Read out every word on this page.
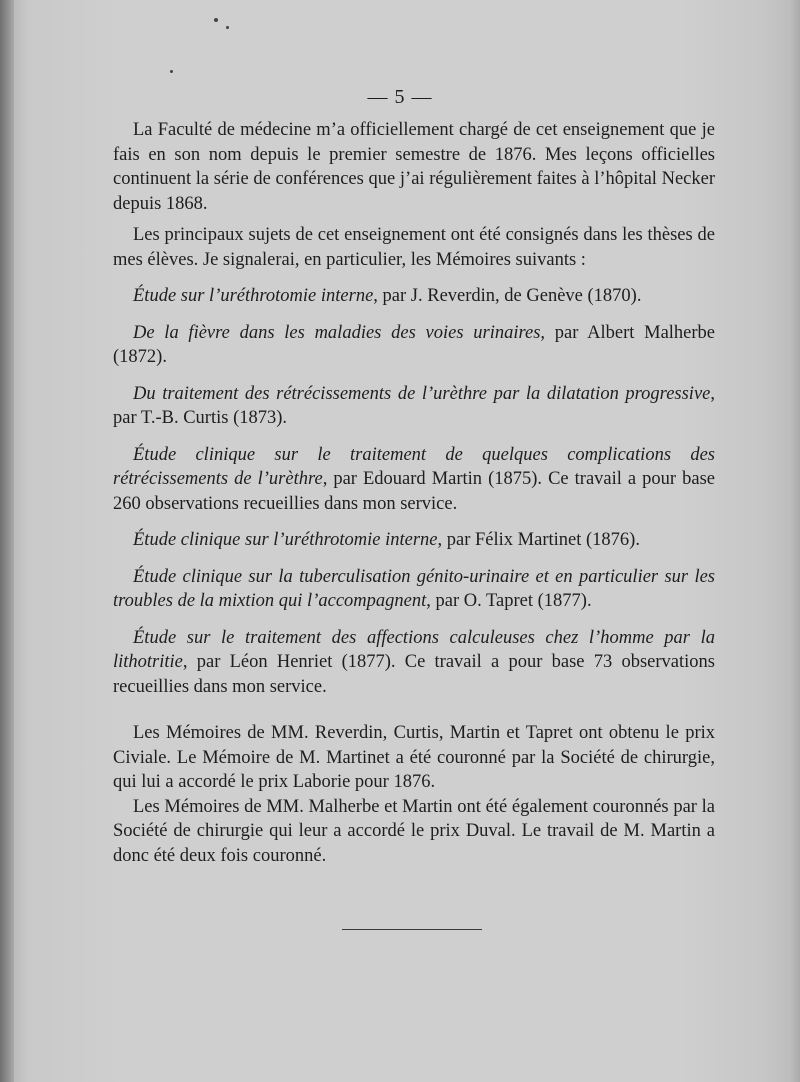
— 5 —

La Faculté de médecine m’a officiellement chargé de cet enseignement que je fais en son nom depuis le premier semestre de 1876. Mes leçons officielles continuent la série de conférences que j’ai régulièrement faites à l’hôpital Necker depuis 1868.

Les principaux sujets de cet enseignement ont été consignés dans les thèses de mes élèves. Je signalerai, en particulier, les Mémoires suivants :

Étude sur l’uréthrotomie interne, par J. Reverdin, de Genève (1870).

De la fièvre dans les maladies des voies urinaires, par Albert Malherbe (1872).

Du traitement des rétrécissements de l’urèthre par la dilatation progressive, par T.-B. Curtis (1873).

Étude clinique sur le traitement de quelques complications des rétrécissements de l’urèthre, par Edouard Martin (1875). Ce travail a pour base 260 observations recueillies dans mon service.

Étude clinique sur l’uréthrotomie interne, par Félix Martinet (1876).

Étude clinique sur la tuberculisation génito-urinaire et en particulier sur les troubles de la mixtion qui l’accompagnent, par O. Tapret (1877).

Étude sur le traitement des affections calculeuses chez l’homme par la lithotritie, par Léon Henriet (1877). Ce travail a pour base 73 observations recueillies dans mon service.

Les Mémoires de MM. Reverdin, Curtis, Martin et Tapret ont obtenu le prix Civiale. Le Mémoire de M. Martinet a été couronné par la Société de chirurgie, qui lui a accordé le prix Laborie pour 1876.

Les Mémoires de MM. Malherbe et Martin ont été également couronnés par la Société de chirurgie qui leur a accordé le prix Duval. Le travail de M. Martin a donc été deux fois couronné.
